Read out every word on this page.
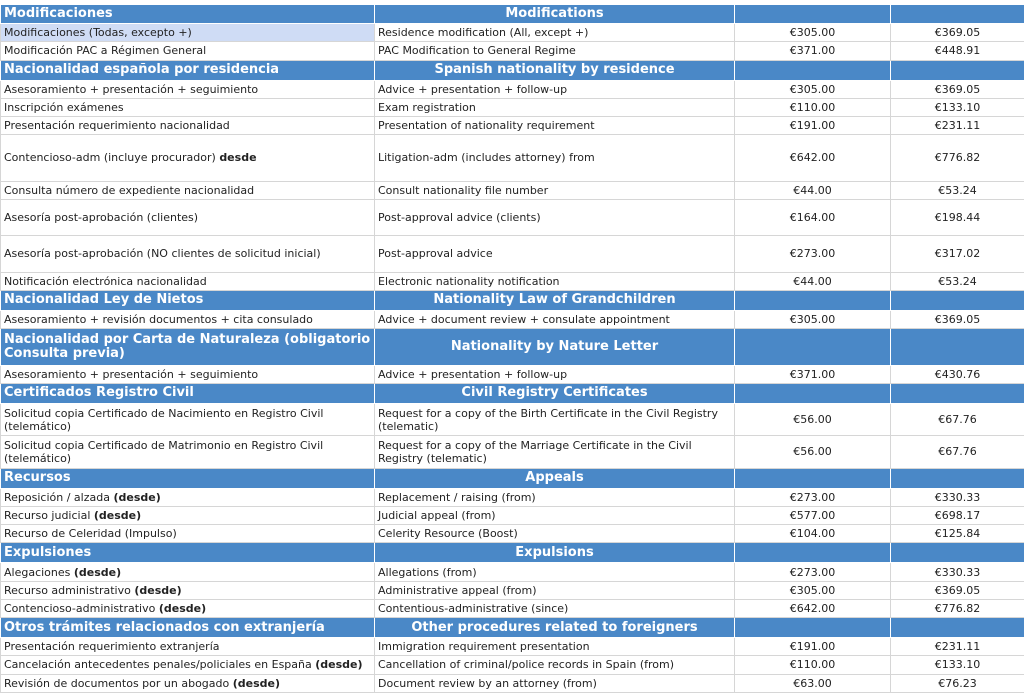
Modificaciones	Modifications		
Modificaciones (Todas, excepto +)	Residence modification (All, except +)	€305.00	€369.05
Modificación PAC a Régimen General	PAC Modification to General Regime	€371.00	€448.91
Nacionalidad española por residencia	Spanish nationality by residence		
Asesoramiento + presentación + seguimiento	Advice + presentation + follow-up	€305.00	€369.05
Inscripción exámenes	Exam registration	€110.00	€133.10
Presentación requerimiento nacionalidad	Presentation of nationality requirement	€191.00	€231.11
Contencioso-adm (incluye procurador) desde	Litigation-adm (includes attorney) from	€642.00	€776.82
Consulta número de expediente nacionalidad	Consult nationality file number	€44.00	€53.24
Asesoría post-aprobación (clientes)	Post-approval advice (clients)	€164.00	€198.44
Asesoría post-aprobación (NO clientes de solicitud inicial)	Post-approval advice	€273.00	€317.02
Notificación electrónica nacionalidad	Electronic nationality notification	€44.00	€53.24
Nacionalidad Ley de Nietos	Nationality Law of Grandchildren		
Asesoramiento + revisión documentos + cita consulado	Advice + document review + consulate appointment	€305.00	€369.05
Nacionalidad por Carta de Naturaleza (obligatorio Consulta previa)	Nationality by Nature Letter		
Asesoramiento + presentación + seguimiento	Advice + presentation + follow-up	€371.00	€430.76
Certificados Registro Civil	Civil Registry Certificates		
Solicitud copia Certificado de Nacimiento en Registro Civil (telemático)	Request for a copy of the Birth Certificate in the Civil Registry (telematic)	€56.00	€67.76
Solicitud copia Certificado de Matrimonio en Registro Civil (telemático)	Request for a copy of the Marriage Certificate in the Civil Registry (telematic)	€56.00	€67.76
Recursos	Appeals		
Reposición / alzada (desde)	Replacement / raising (from)	€273.00	€330.33
Recurso judicial (desde)	Judicial appeal (from)	€577.00	€698.17
Recurso de Celeridad (Impulso)	Celerity Resource (Boost)	€104.00	€125.84
Expulsiones	Expulsions		
Alegaciones (desde)	Allegations (from)	€273.00	€330.33
Recurso administrativo (desde)	Administrative appeal (from)	€305.00	€369.05
Contencioso-administrativo (desde)	Contentious-administrative (since)	€642.00	€776.82
Otros trámites relacionados con extranjería	Other procedures related to foreigners		
Presentación requerimiento extranjería	Immigration requirement presentation	€191.00	€231.11
Cancelación antecedentes penales/policiales en España (desde)	Cancellation of criminal/police records in Spain (from)	€110.00	€133.10
Revisión de documentos por un abogado (desde)	Document review by an attorney (from)	€63.00	€76.23
